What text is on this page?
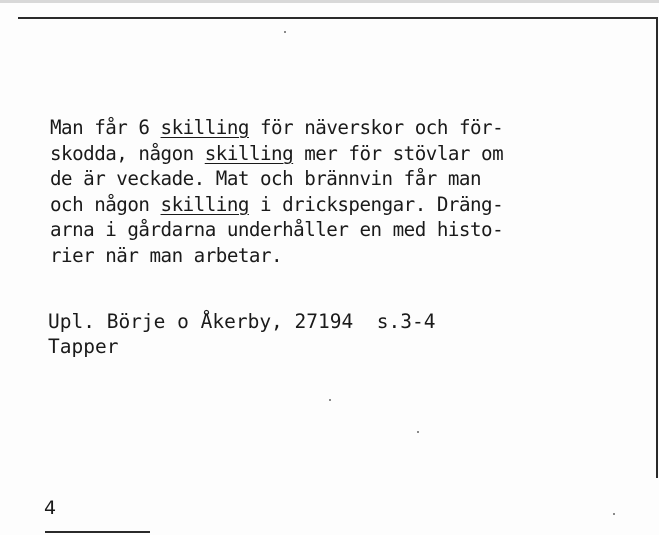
Man får 6 skilling för näverskor och för-
skodda, någon skilling mer för stövlar om
de är veckade. Mat och brännvin får man
och någon skilling i drickspengar. Dräng-
arna i gårdarna underhåller en med histo-
rier när man arbetar.
Upl. Börje o Åkerby, 27194 s.3-4
Tapper
4
